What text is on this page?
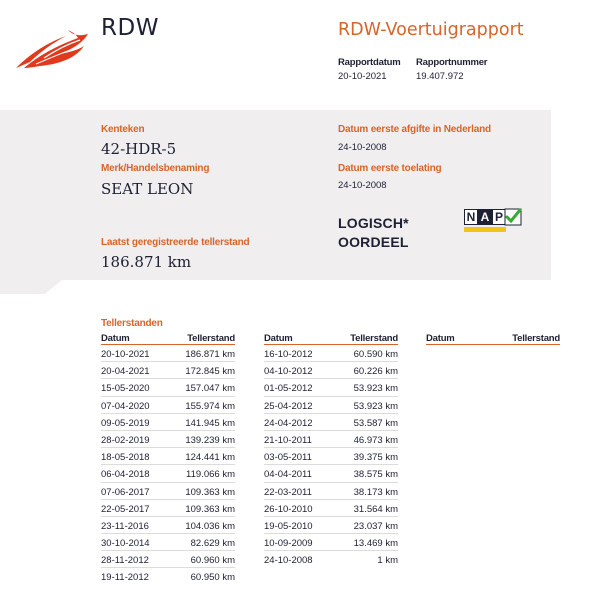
RDW	RDW-Voertuigrapport
Rapportdatum
20-10-2021
Rapportnummer
19.407.972
Kenteken
42-HDR-5
Merk/Handelsbenaming
SEAT LEON
Laatst geregistreerde tellerstand
186.871 km
Datum eerste afgifte in Nederland
24-10-2008
Datum eerste toelating
24-10-2008
LOGISCH*
OORDEEL
N A P
Tellerstanden
Datum	Tellerstand
20-10-2021	186.871 km
20-04-2021	172.845 km
15-05-2020	157.047 km
07-04-2020	155.974 km
09-05-2019	141.945 km
28-02-2019	139.239 km
18-05-2018	124.441 km
06-04-2018	119.066 km
07-06-2017	109.363 km
22-05-2017	109.363 km
23-11-2016	104.036 km
30-10-2014	82.629 km
28-11-2012	60.960 km
19-11-2012	60.950 km
Datum	Tellerstand
16-10-2012	60.590 km
04-10-2012	60.226 km
01-05-2012	53.923 km
25-04-2012	53.923 km
24-04-2012	53.587 km
21-10-2011	46.973 km
03-05-2011	39.375 km
04-04-2011	38.575 km
22-03-2011	38.173 km
26-10-2010	31.564 km
19-05-2010	23.037 km
10-09-2009	13.469 km
24-10-2008	1 km
Datum	Tellerstand
